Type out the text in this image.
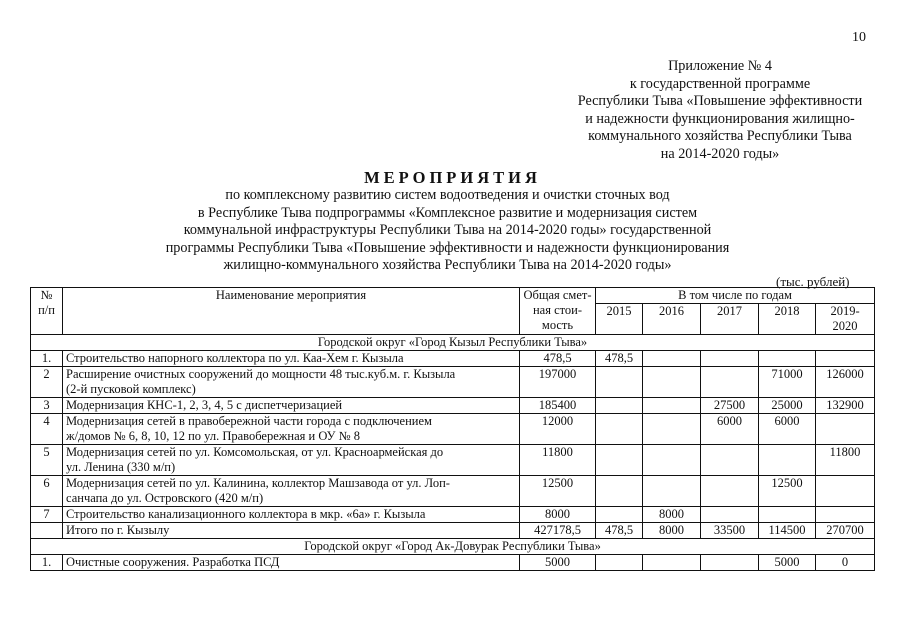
10
Приложение № 4
к государственной программе
Республики Тыва «Повышение эффективности
и надежности функционирования жилищно-
коммунального хозяйства Республики Тыва
на 2014-2020 годы»
МЕРОПРИЯТИЯ
по комплексному развитию систем водоотведения и очистки сточных вод
в Республике Тыва подпрограммы «Комплексное развитие и модернизация систем
коммунальной инфраструктуры Республики Тыва на 2014-2020 годы» государственной
программы Республики Тыва «Повышение эффективности и надежности функционирования
жилищно-коммунального хозяйства Республики Тыва на 2014-2020 годы»
(тыс. рублей)
№
п/п	Наименование мероприятия	Общая смет-
ная стои-
мость	В том числе по годам				
			2015	2016	2017	2018	2019-2020
Городской округ «Город Кызыл Республики Тыва»							
1.	Строительство напорного коллектора по ул. Каа-Хем г. Кызыла	478,5	478,5				
2	Расширение очистных сооружений до мощности 48 тыс.куб.м. г. Кызыла
(2-й пусковой комплекс)	197000				71000	126000
3	Модернизация КНС-1, 2, 3, 4, 5 с диспетчеризацией	185400			27500	25000	132900
4	Модернизация сетей в правобережной части города с подключением
ж/домов № 6, 8, 10, 12 по ул. Правобережная и ОУ № 8	12000			6000	6000	
5	Модернизация сетей по ул. Комсомольская, от ул. Красноармейская до
ул. Ленина (330 м/п)	11800					11800
6	Модернизация сетей по ул. Калинина, коллектор Машзавода от ул. Лоп-
санчапа до ул. Островского (420 м/п)	12500				12500	
7	Строительство канализационного коллектора в мкр. «6а» г. Кызыла	8000		8000			
	Итого по г. Кызылу	427178,5	478,5	8000	33500	114500	270700
Городской округ «Город Ак-Довурак Республики Тыва»							
1.	Очистные сооружения. Разработка ПСД	5000				5000	0
